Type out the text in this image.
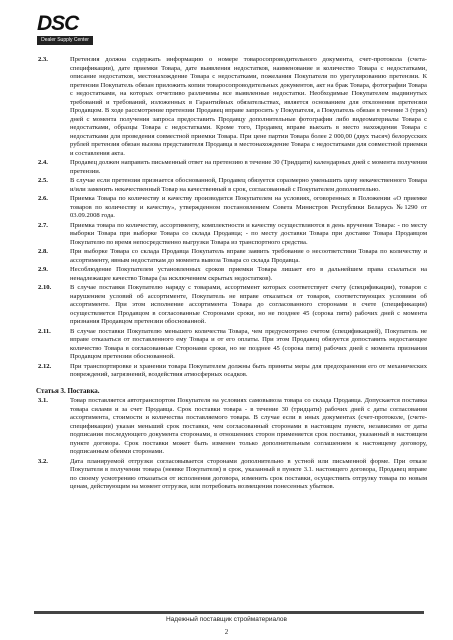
DSC
Dealer Supply Center
2.3.	Претензия должна содержать информацию о номере товаросопроводительного документа, счет-протокола (счета-спецификации), дате приемки Товара, дате выявления недостатков, наименование и количество Товара с недостатками, описание недостатков, местонахождение Товара с недостатками, пожелания Покупателя по урегулированию претензии. К претензии Покупатель обязан приложить копии товаросопроводительных документов, акт на брак Товара, фотографии Товара с недостатками, на которых отчетливо различимы все выявленные недостатки. Необходимые Покупателем выдвинутых требований и требований, изложенных в Гарантийных обязательствах, является основанием для отклонения претензии Продавцом. В ходе рассмотрение претензии Продавец вправе запросить у Покупателя, а Покупатель обязан в течение 3 (трех) дней с момента получения запроса предоставить Продавцу дополнительные фотографии либо видеоматериалы Товара с недостатками, образцы Товара с недостатками. Кроме того, Продавец вправе выехать в место нахождения Товара с недостатками для проведения совместной приемки Товара. При цене партии Товара более 2 000,00 (двух тысяч) белорусских рублей претензия обязан вызова представителя Продавца в местонахождение Товара с недостатками для совместной приемки и составления акта.
2.4.	Продавец должен направить письменный ответ на претензию в течение 30 (Тридцати) календарных дней с момента получения претензии.
2.5.	В случае если претензия признается обоснованной, Продавец обязуется соразмерно уменьшить цену некачественного Товара и/или заменить некачественный Товар на качественный в срок, согласованный с Покупателем дополнительно.
2.6.	Приемка Товара по количеству и качеству производится Покупателем на условиях, оговоренных в Положении «О приемке товаров по количеству и качеству», утвержденном постановлением Совета Министров Республики Беларусь №1290 от 03.09.2008 года.
2.7.	Приемка товара по количеству, ассортименту, комплектности и качеству осуществляются в день вручения Товара: - по месту выборки Товара при выборке Товара со склада Продавца; - по месту доставки Товара при доставке Товара Продавцом Покупателю по время непосредственно выгрузки Товара из транспортного средства.
2.8.	При выборке Товара со склада Продавца Покупатель вправе заявить требование о несоответствии Товара по количеству и ассортименту, явным недостаткам до момента вывоза Товара со склада Продавца.
2.9.	Несоблюдение Покупателем установленных сроков приемки Товара лишает его в дальнейшем права ссылаться на ненадлежащее качество Товара (за исключением скрытых недостатков).
2.10.	В случае поставки Покупателю наряду с товарами, ассортимент которых соответствует счету (спецификации), товаров с нарушением условий об ассортименте, Покупатель не вправе отказаться от товаров, соответствующих условиям об ассортименте. При этом исполнение ассортимента Товара до согласованного сторонами в счете (спецификации) осуществляется Продавцом в согласованные Сторонами сроки, но не позднее 45 (сорока пяти) рабочих дней с момента признания Продавцом претензии обоснованной.
2.11.	В случае поставки Покупателю меньшего количества Товара, чем предусмотрено счетом (спецификацией), Покупатель не вправе отказаться от поставленного ему Товара и от его оплаты. При этом Продавец обязуется допоставить недостающее количество Товара в согласованные Сторонами сроки, но не позднее 45 (сорока пяти) рабочих дней с момента признания Продавцом претензии обоснованной.
2.12.	При транспортировке и хранении товара Покупателем должны быть приняты меры для предохранения его от механических повреждений, загрязнений, воздействия атмосферных осадков.
Статья 3. Поставка.
3.1.	Товар поставляется автотранспортом Покупателя на условиях самовывоза товара со склада Продавца. Допускается поставка товара силами и за счет Продавца. Срок поставки товара - в течение 30 (тридцати) рабочих дней с даты согласования ассортимента, стоимости и количества поставляемого товара. В случае если в иных документах (счет-протоколе, (счете-спецификации) указан меньший срок поставки, чем согласованный сторонами в настоящем пункте, независимо от даты подписания последующего документа сторонами, в отношениях сторон применяется срок поставки, указанный в настоящем пункте договора. Срок поставки может быть изменен только дополнительным соглашением к настоящему договору, подписанным обеими сторонами.
3.2.	Дата планируемой отгрузки согласовывается сторонами дополнительно в устной или письменной форме. При отказе Покупателя в получении товара (неявке Покупателя) в срок, указанный в пункте 3.1. настоящего договора, Продавец вправе по своему усмотрению отказаться от исполнения договора, изменить срок поставки, осуществить отгрузку товара по новым ценам, действующим на момент отгрузки, или потребовать возмещения понесенных убытков.
Надежный поставщик стройматериалов
2
